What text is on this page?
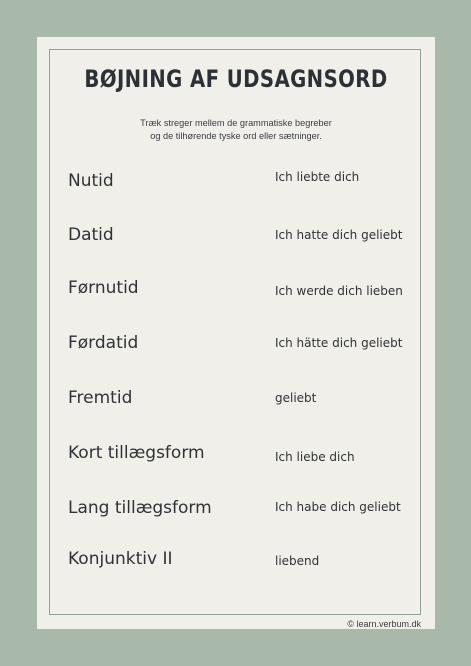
BØJNING AF UDSAGNSORD
Træk streger mellem de grammatiske begreber
og de tilhørende tyske ord eller sætninger.
Nutid
Datid
Førnutid
Førdatid
Fremtid
Kort tillægsform
Lang tillægsform
Konjunktiv II
Ich liebte dich
Ich hatte dich geliebt
Ich werde dich lieben
Ich hätte dich geliebt
geliebt
Ich liebe dich
Ich habe dich geliebt
liebend
© learn.verbum.dk
